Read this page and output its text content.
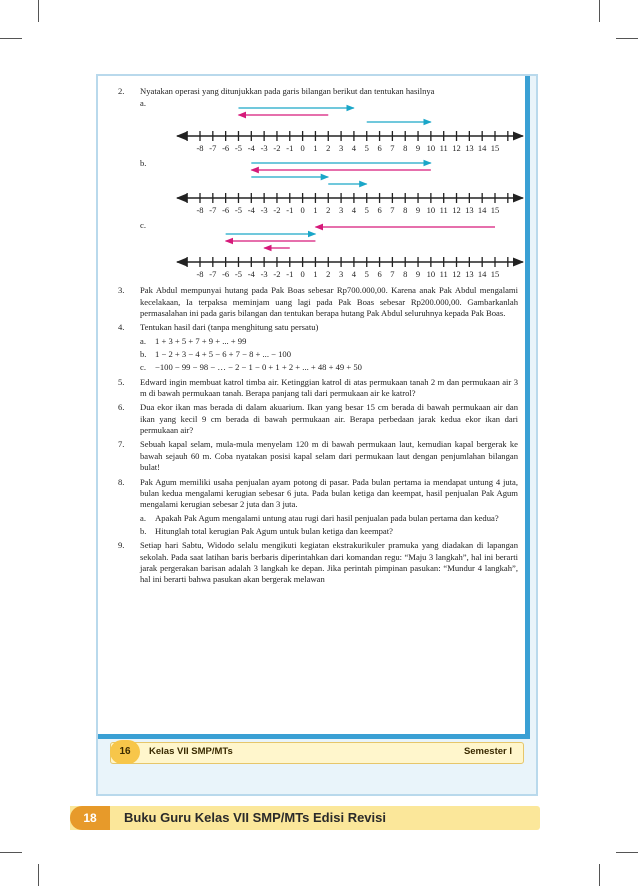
2. Nyatakan operasi yang ditunjukkan pada garis bilangan berikut dan tentukan hasilnya

a.
-8 -7 -6 -5 -4 -3 -2 -1 0 1 2 3 4 5 6 7 8 9 10 11 12 13 14 15
b.
-8 -7 -6 -5 -4 -3 -2 -1 0 1 2 3 4 5 6 7 8 9 10 11 12 13 14 15
c.
-8 -7 -6 -5 -4 -3 -2 -1 0 1 2 3 4 5 6 7 8 9 10 11 12 13 14 15
3. Pak Abdul mempunyai hutang pada Pak Boas sebesar Rp700.000,00. Karena anak Pak Abdul mengalami kecelakaan, Ia terpaksa meminjam uang lagi pada Pak Boas sebesar Rp200.000,00. Gambarkanlah permasalahan ini pada garis bilangan dan tentukan berapa hutang Pak Abdul seluruhnya kepada Pak Boas.

4. Tentukan hasil dari (tanpa menghitung satu persatu)

a. 1 + 3 + 5 + 7 + 9 + ... + 99

b. 1 − 2 + 3 − 4 + 5 − 6 + 7 − 8 + ... − 100

c. −100 − 99 − 98 − … − 2 − 1 − 0 + 1 + 2 + ... + 48 + 49 + 50

5. Edward ingin membuat katrol timba air. Ketinggian katrol di atas permukaan tanah 2 m dan permukaan air 3 m di bawah permukaan tanah. Berapa panjang tali dari permukaan air ke katrol?

6. Dua ekor ikan mas berada di dalam akuarium. Ikan yang besar 15 cm berada di bawah permukaan air dan ikan yang kecil 9 cm berada di bawah permukaan air. Berapa perbedaan jarak kedua ekor ikan dari permukaan air?

7. Sebuah kapal selam, mula-mula menyelam 120 m di bawah permukaan laut, kemudian kapal bergerak ke bawah sejauh 60 m. Coba nyatakan posisi kapal selam dari permukaan laut dengan penjumlahan bilangan bulat!

8. Pak Agum memiliki usaha penjualan ayam potong di pasar. Pada bulan pertama ia mendapat untung 4 juta, bulan kedua mengalami kerugian sebesar 6 juta. Pada bulan ketiga dan keempat, hasil penjualan Pak Agum mengalami kerugian sebesar 2 juta dan 3 juta.

a. Apakah Pak Agum mengalami untung atau rugi dari hasil penjualan pada bulan pertama dan kedua?

b. Hitunglah total kerugian Pak Agum untuk bulan ketiga dan keempat?

9. Setiap hari Sabtu, Widodo selalu mengikuti kegiatan ekstrakurikuler pramuka yang diadakan di lapangan sekolah. Pada saat latihan baris berbaris diperintahkan dari komandan regu: “Maju 3 langkah”, hal ini berarti jarak pergerakan barisan adalah 3 langkah ke depan. Jika perintah pimpinan pasukan: “Mundur 4 langkah”, hal ini berarti bahwa pasukan akan bergerak melawan

16	Kelas VII SMP/MTs	Semester I
18	Buku Guru Kelas VII SMP/MTs Edisi Revisi
